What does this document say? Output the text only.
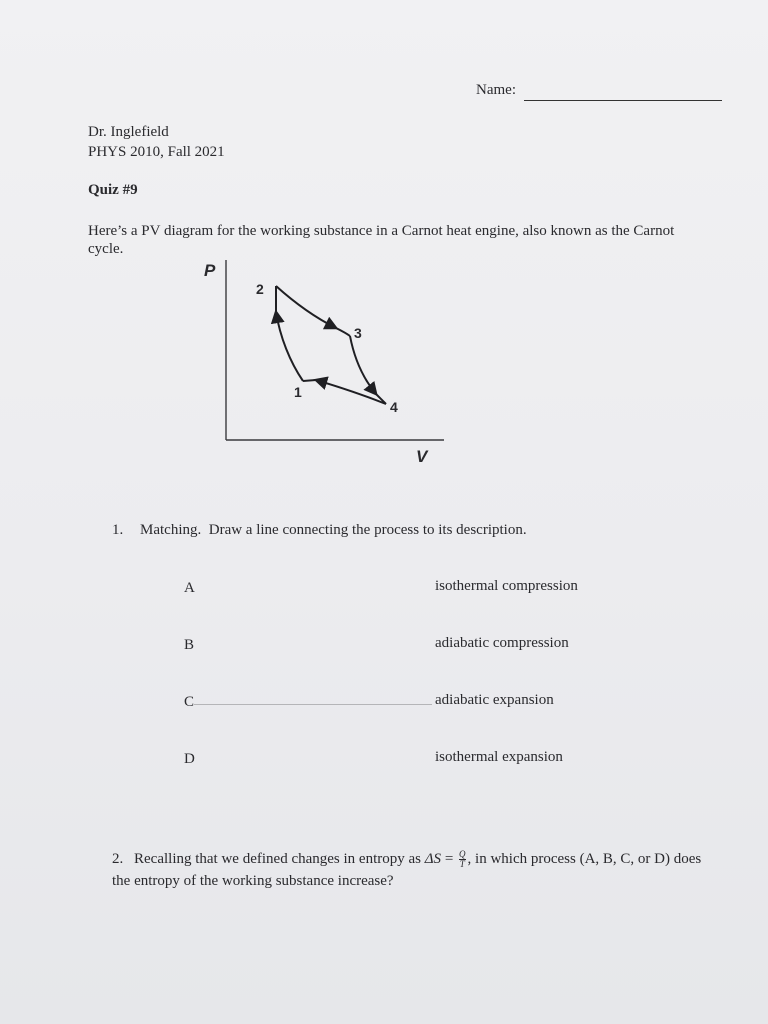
Name:
Dr. Inglefield
PHYS 2010, Fall 2021
Quiz #9
Here’s a PV diagram for the working substance in a Carnot heat engine, also known as the Carnot cycle.
P
V
1
2
3
4
1. Matching.  Draw a line connecting the process to its description.
A
B
C
D
isothermal compression
adiabatic compression
adiabatic expansion
isothermal expansion
2. Recalling that we defined changes in entropy as $\Delta S = \frac{Q}{T}$ , in which process (A, B, C, or D) does the entropy of the working substance increase?
